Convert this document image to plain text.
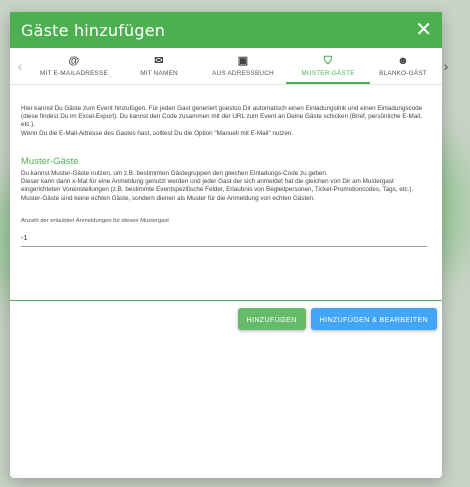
Gäste hinzufügen	✕
‹	@
MIT E-MAILADRESSE
✉
MIT NAMEN
▣
AUS ADRESSBUCH
⛉
MUSTER-GÄSTE
☻
BLANKO-GÄST	›
Hier kannst Du Gäste zum Event hinzufügen. Für jeden Gast generiert guestoo Dir automatisch einen Einladungslink und einen Einladungscode (diese findest Du im Excel-Export). Du kannst den Code zusammen mit der URL zum Event an Deine Gäste schicken (Brief, persönliche E-Mail, etc.).
Wenn Du die E-Mail-Adresse des Gastes hast, solltest Du die Option "Manuell mit E-Mail" nutzen.
Muster-Gäste
Du kannst Muster-Gäste nutzen, um z.B. bestimmten Gästegruppen den gleichen Einladungs-Code zu geben.
Dieser kann dann x-Mal für eine Anmeldung genutzt werden und jeder Gast der sich anmeldet hat die gleichen von Dir am Mustergast eingerichteten Voreinstellungen (z.B. bestimmte Eventspezifische Felder, Erlaubnis von Begleitpersonen, Ticket-Promotioncodes, Tags, etc.).
Muster-Gäste sind keine echten Gäste, sondern dienen als Muster für die Anmeldung von echten Gästen.
Anzahl der erlaubten Anmeldungen für diesen Mustergast
-1
HINZUFÜGEN	HINZUFÜGEN & BEARBEITEN
